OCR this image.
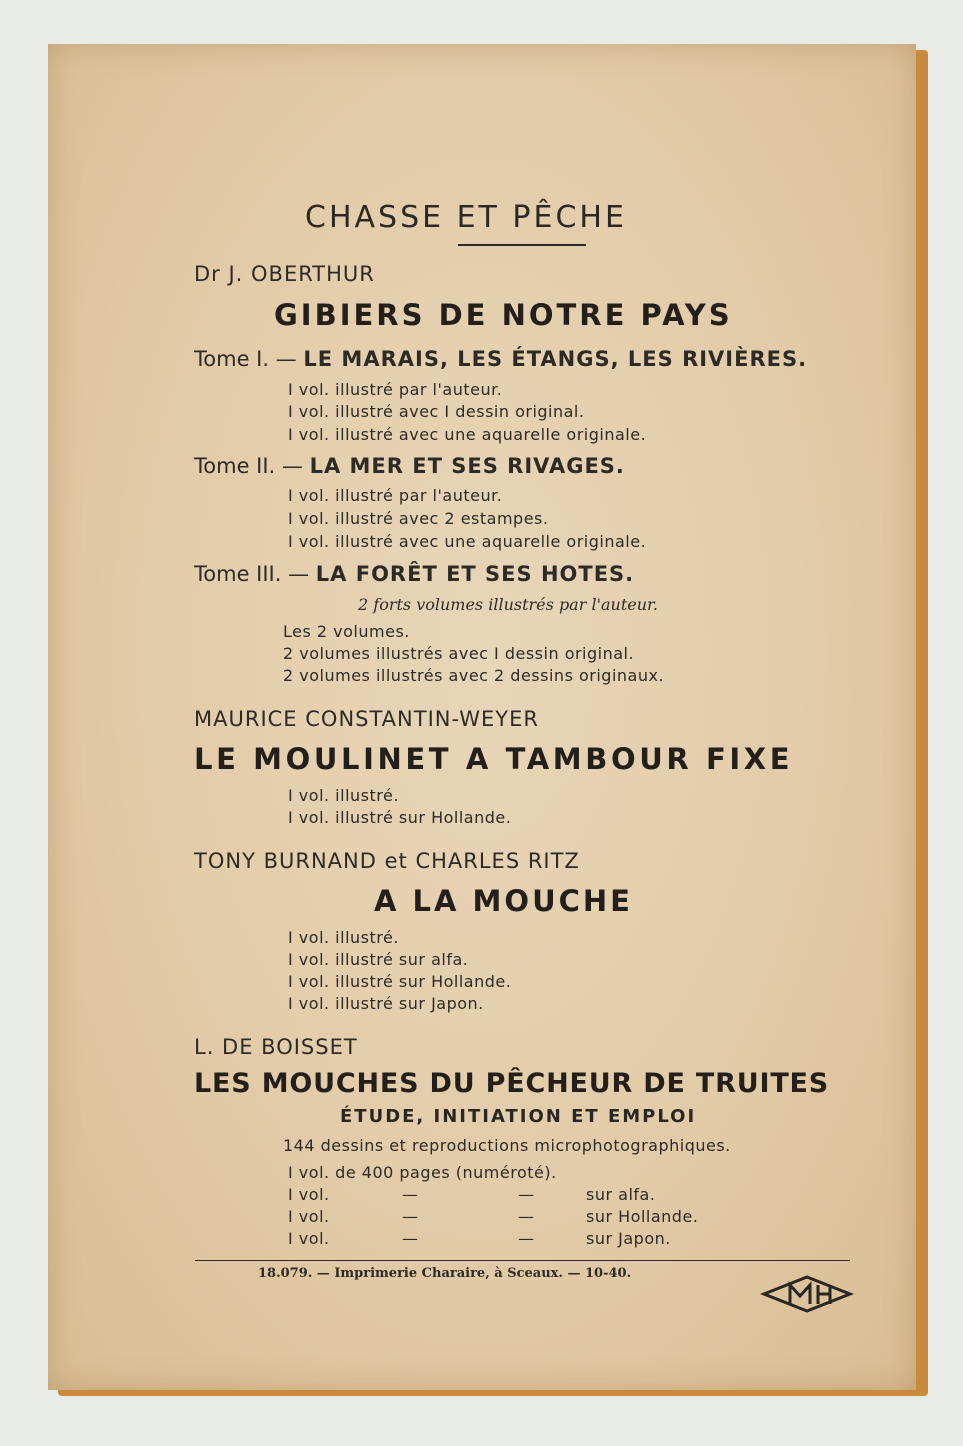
CHASSE ET PÊCHE
Dr J. OBERTHUR
GIBIERS DE NOTRE PAYS
Tome I. — LE MARAIS, LES ÉTANGS, LES RIVIÈRES.
I vol. illustré par l'auteur.
I vol. illustré avec I dessin original.
I vol. illustré avec une aquarelle originale.
Tome II. — LA MER ET SES RIVAGES.
I vol. illustré par l'auteur.
I vol. illustré avec 2 estampes.
I vol. illustré avec une aquarelle originale.
Tome III. — LA FORÊT ET SES HOTES.
2 forts volumes illustrés par l'auteur.
Les 2 volumes.
2 volumes illustrés avec I dessin original.
2 volumes illustrés avec 2 dessins originaux.
MAURICE CONSTANTIN-WEYER
LE MOULINET A TAMBOUR FIXE
I vol. illustré.
I vol. illustré sur Hollande.
TONY BURNAND et CHARLES RITZ
A LA MOUCHE
I vol. illustré.
I vol. illustré sur alfa.
I vol. illustré sur Hollande.
I vol. illustré sur Japon.
L. DE BOISSET
LES MOUCHES DU PÊCHEUR DE TRUITES
ÉTUDE, INITIATION ET EMPLOI
144 dessins et reproductions microphotographiques.
I vol. de 400 pages (numéroté).
I vol.	—	—	sur alfa.
I vol.	—	—	sur Hollande.
I vol.	—	—	sur Japon.
18.079. — Imprimerie Charaire, à Sceaux. — 10-40.
